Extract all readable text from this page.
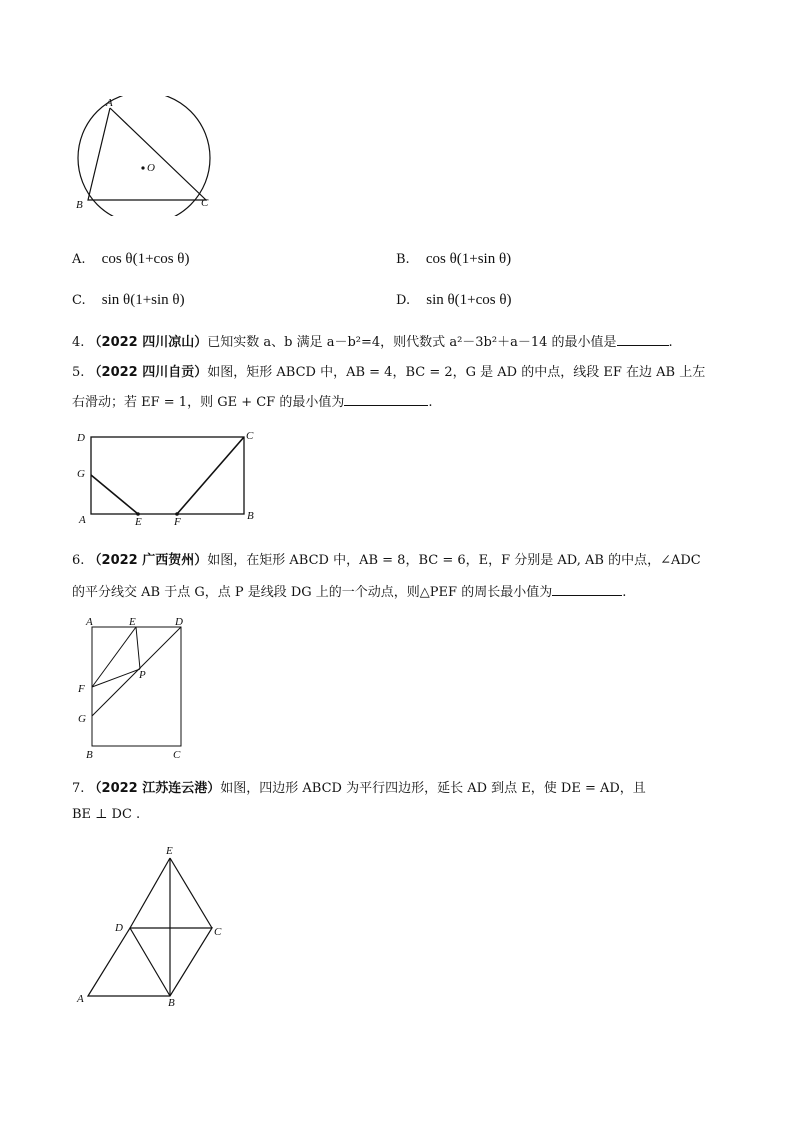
A
B	C
O
A. cos θ(1+cos θ)	B. cos θ(1+sin θ)
C. sin θ(1+sin θ)	D. sin θ(1+cos θ)
4. （2022 四川凉山）已知实数 a、b 满足 a－b²=4，则代数式 a²－3b²＋a－14 的最小值是	.
5. （2022 四川自贡）如图，矩形 ABCD 中，AB = 4，BC = 2，G 是 AD 的中点，线段 EF 在边 AB 上左
右滑动；若 EF = 1，则 GE + CF 的最小值为	.
D	C
G
A	E	F	B
6. （2022 广西贺州）如图，在矩形 ABCD 中，AB = 8，BC = 6，E，F 分别是 AD, AB 的中点，∠ADC
的平分线交 AB 于点 G，点 P 是线段 DG 上的一个动点，则△PEF 的周长最小值为	.
A	E	D
P
F
G
B	C
7. （2022 江苏连云港）如图，四边形 ABCD 为平行四边形，延长 AD 到点 E，使 DE = AD，且
BE ⊥ DC .
E
D	C
A	B
